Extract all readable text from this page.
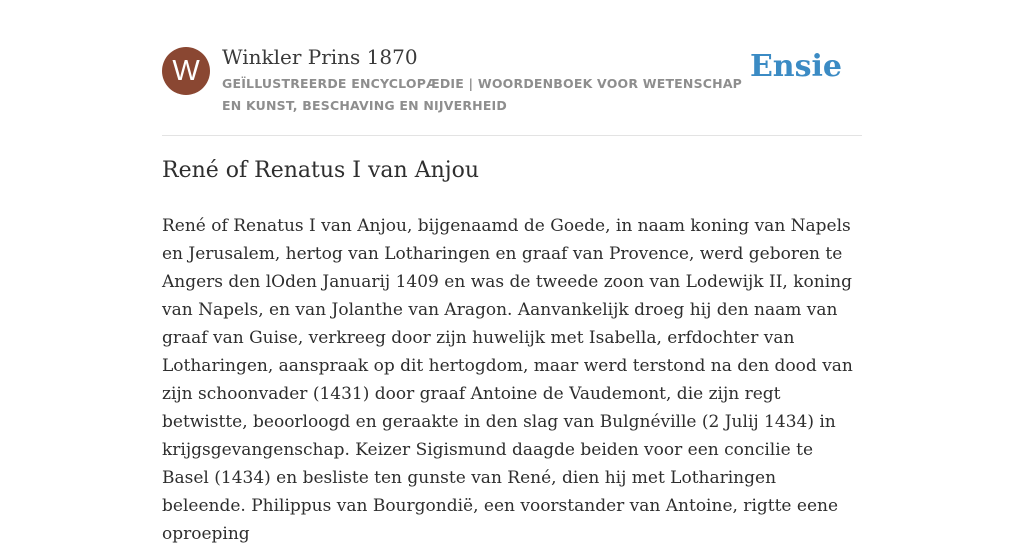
W	Winkler Prins 1870
GEÏLLUSTREERDE ENCYCLOPÆDIE | WOORDENBOEK VOOR WETENSCHAP EN KUNST, BESCHAVING EN NIJVERHEID
Ensie
René of Renatus I van Anjou

René of Renatus I van Anjou, bijgenaamd de Goede, in naam koning van Napels en Jerusalem, hertog van Lotharingen en graaf van Provence, werd geboren te Angers den lOden Januarij 1409 en was de tweede zoon van Lodewijk II, koning van Napels, en van Jolanthe van Aragon. Aanvankelijk droeg hij den naam van graaf van Guise, verkreeg door zijn huwelijk met Isabella, erfdochter van Lotharingen, aanspraak op dit hertogdom, maar werd terstond na den dood van zijn schoonvader (1431) door graaf Antoine de Vaudemont, die zijn regt betwistte, beoorloogd en geraakte in den slag van Bulgnéville (2 Julij 1434) in krijgsgevangenschap. Keizer Sigismund daagde beiden voor een concilie te Basel (1434) en besliste ten gunste van René, dien hij met Lotharingen beleende. Philippus van Bourgondië, een voorstander van Antoine, rigtte eene oproeping
